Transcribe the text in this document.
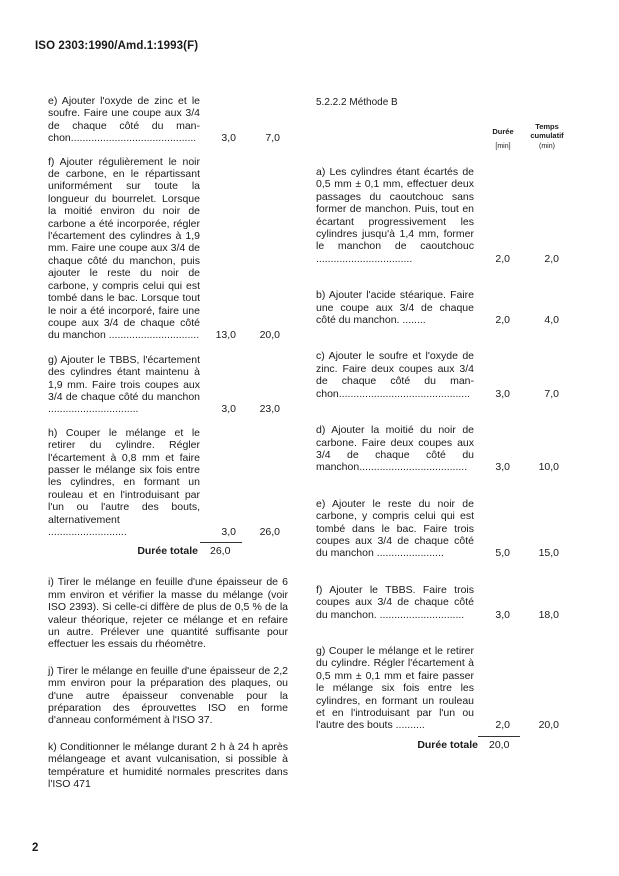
ISO 2303:1990/Amd.1:1993(F)
e) Ajouter l'oxyde de zinc et le soufre. Faire une coupe aux 3/4 de chaque côté du man-chon...........................................	3,0	7,0
f) Ajouter régulièrement le noir de carbone, en le répartissant uniformément sur toute la longueur du bourrelet. Lorsque la moitié environ du noir de carbone a été incorporée, régler l'écartement des cylindres à 1,9 mm. Faire une coupe aux 3/4 de chaque côté du manchon, puis ajouter le reste du noir de carbone, y compris celui qui est tombé dans le bac. Lorsque tout le noir a été incorporé, faire une coupe aux 3/4 de chaque côté du manchon ...............................	13,0	20,0
g) Ajouter le TBBS, l'écartement des cylindres étant maintenu à 1,9 mm. Faire trois coupes aux 3/4 de chaque côté du manchon ...............................	3,0	23,0
h) Couper le mélange et le retirer du cylindre. Régler l'écartement à 0,8 mm et faire passer le mélange six fois entre les cylindres, en formant un rouleau et en l'introduisant par l'un ou l'autre des bouts, alternativement ...........................	3,0	26,0
Durée totale 26,0
i) Tirer le mélange en feuille d'une épaisseur de 6 mm environ et vérifier la masse du mélange (voir ISO 2393). Si celle-ci diffère de plus de 0,5 % de la valeur théorique, rejeter ce mélange et en refaire un autre. Prélever une quantité suffisante pour effectuer les essais du rhéomètre.
j) Tirer le mélange en feuille d'une épaisseur de 2,2 mm environ pour la préparation des plaques, ou d'une autre épaisseur convenable pour la préparation des éprouvettes ISO en forme d'anneau conformément à l'ISO 37.
k) Conditionner le mélange durant 2 h à 24 h après mélangeage et avant vulcanisation, si possible à température et humidité normales prescrites dans l'ISO 471
5.2.2.2 Méthode B
Durée
Temps cumulatif
[min]	(min)
a) Les cylindres étant écartés de 0,5 mm ± 0,1 mm, effectuer deux passages du caoutchouc sans former de manchon. Puis, tout en écartant progressivement les cylindres jusqu'à 1,4 mm, former le manchon de caoutchouc .................................	2,0	2,0
b) Ajouter l'acide stéarique. Faire une coupe aux 3/4 de chaque côté du manchon. ........	2,0	4,0
c) Ajouter le soufre et l'oxyde de zinc. Faire deux coupes aux 3/4 de chaque côté du man-chon.............................................	3,0	7,0
d) Ajouter la moitié du noir de carbone. Faire deux coupes aux 3/4 de chaque côté du manchon.....................................	3,0	10,0
e) Ajouter le reste du noir de carbone, y compris celui qui est tombé dans le bac. Faire trois coupes aux 3/4 de chaque côté du manchon .......................	5,0	15,0
f) Ajouter le TBBS. Faire trois coupes aux 3/4 de chaque côté du manchon. .............................	3,0	18,0
g) Couper le mélange et le retirer du cylindre. Régler l'écartement à 0,5 mm ± 0,1 mm et faire passer le mélange six fois entre les cylindres, en formant un rouleau et en l'introduisant par l'un ou l'autre des bouts ..........	2,0	20,0
Durée totale 20,0
2
